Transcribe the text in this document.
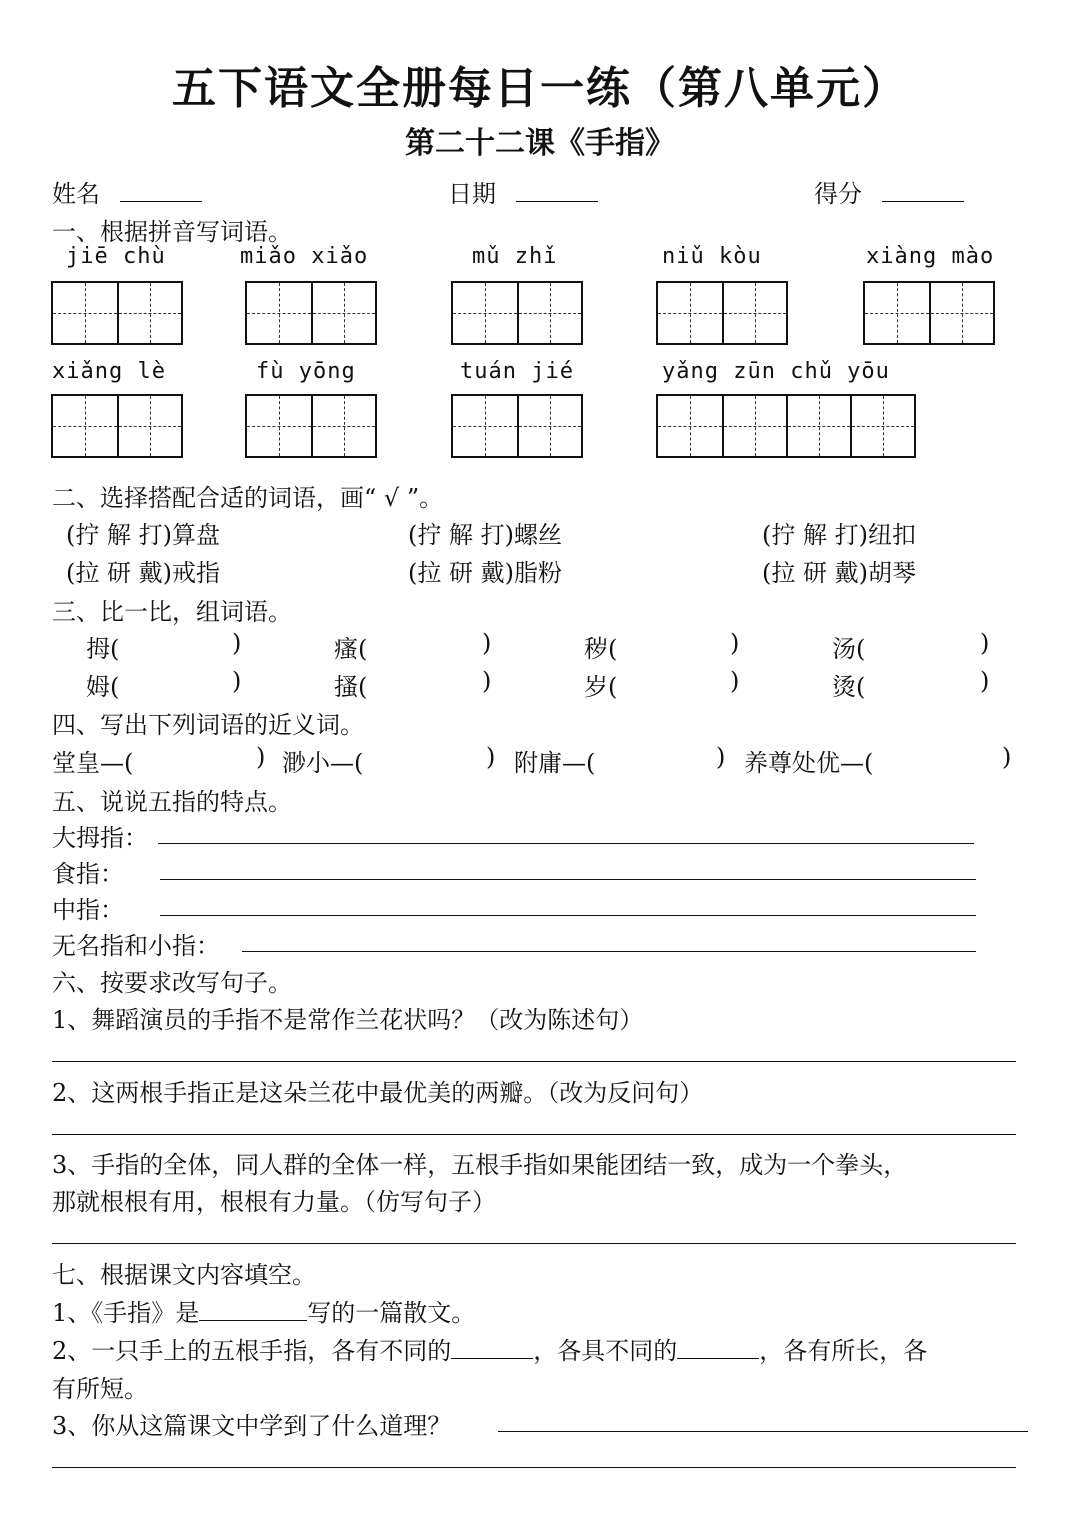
五下语文全册每日一练（第八单元）
第二十二课《手指》
姓名	日期	得分
一、根据拼音写词语。
jiē chù	miǎo xiǎo	mǔ zhǐ	niǔ kòu	xiàng mào
xiǎng lè	fù yōng	tuán jié	yǎng zūn chǔ yōu
二、选择搭配合适的词语，画“ √ ”。
(拧 解 打)算盘	(拧 解 打)螺丝	(拧 解 打)纽扣
(拉 研 戴)戒指	(拉 研 戴)脂粉	(拉 研 戴)胡琴
三、比一比，组词语。
拇(	)	瘙(	)	秽(	)	汤(	)
姆(	)	搔(	)	岁(	)	烫(	)
四、写出下列词语的近义词。
堂皇—(	) 渺小—(	) 附庸—(	) 养尊处优—(	)
五、说说五指的特点。
大拇指：
食指：
中指：
无名指和小指：
六、按要求改写句子。
1、舞蹈演员的手指不是常作兰花状吗？（改为陈述句）
2、这两根手指正是这朵兰花中最优美的两瓣。（改为反问句）
3、手指的全体，同人群的全体一样，五根手指如果能团结一致，成为一个拳头，
那就根根有用，根根有力量。（仿写句子）
七、根据课文内容填空。
1、《手指》是	写的一篇散文。
2、一只手上的五根手指，各有不同的	，各具不同的	，各有所长，各
有所短。
3、你从这篇课文中学到了什么道理？
